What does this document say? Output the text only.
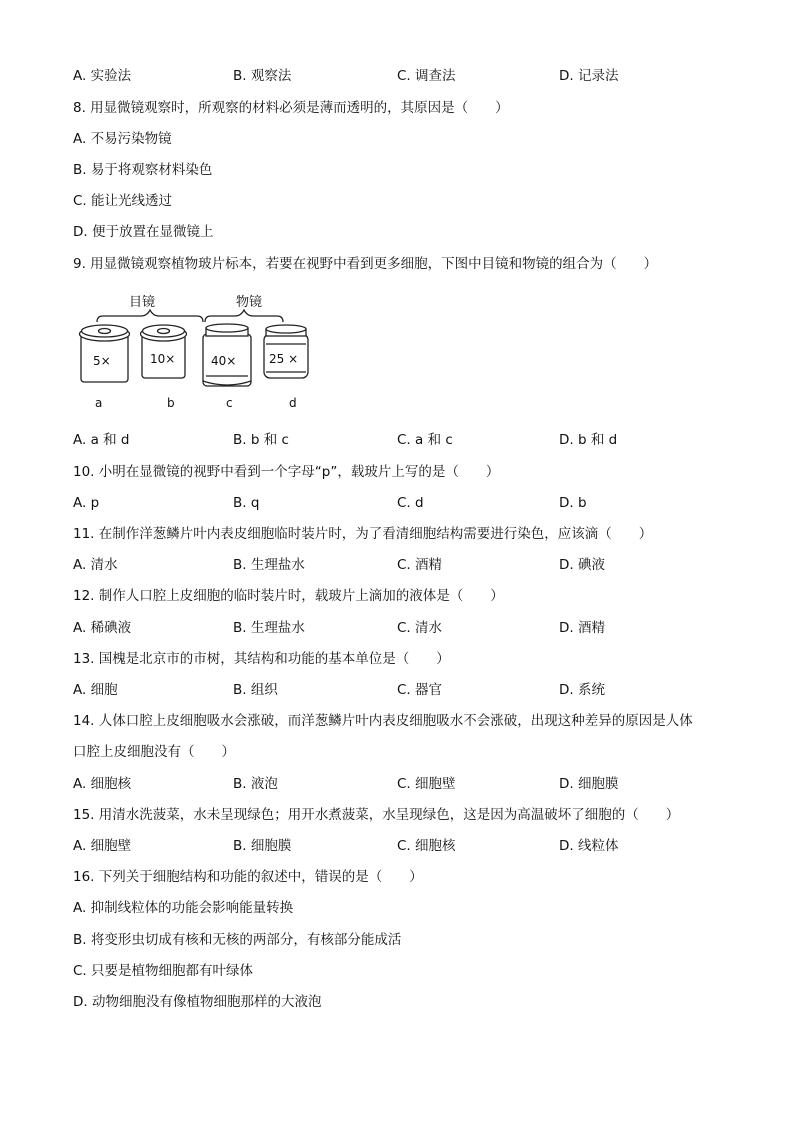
A. 实验法	B. 观察法	C. 调查法	D. 记录法
8. 用显微镜观察时，所观察的材料必须是薄而透明的，其原因是（　　）
A. 不易污染物镜
B. 易于将观察材料染色
C. 能让光线透过
D. 便于放置在显微镜上
9. 用显微镜观察植物玻片标本，若要在视野中看到更多细胞，下图中目镜和物镜的组合为（　　）
目镜	物镜
5×	10×	40×	25 ×
a	b	c	d
A. a 和 d	B. b 和 c	C. a 和 c	D. b 和 d
10. 小明在显微镜的视野中看到一个字母“p”，载玻片上写的是（　　）
A. p	B. q	C. d	D. b
11. 在制作洋葱鳞片叶内表皮细胞临时装片时，为了看清细胞结构需要进行染色，应该滴（　　）
A. 清水	B. 生理盐水	C. 酒精	D. 碘液
12. 制作人口腔上皮细胞的临时装片时，载玻片上滴加的液体是（　　）
A. 稀碘液	B. 生理盐水	C. 清水	D. 酒精
13. 国槐是北京市的市树，其结构和功能的基本单位是（　　）
A. 细胞	B. 组织	C. 器官	D. 系统
14. 人体口腔上皮细胞吸水会涨破，而洋葱鳞片叶内表皮细胞吸水不会涨破，出现这种差异的原因是人体
口腔上皮细胞没有（　　）
A. 细胞核	B. 液泡	C. 细胞壁	D. 细胞膜
15. 用清水洗菠菜，水未呈现绿色；用开水煮菠菜，水呈现绿色，这是因为高温破坏了细胞的（　　）
A. 细胞壁	B. 细胞膜	C. 细胞核	D. 线粒体
16. 下列关于细胞结构和功能的叙述中，错误的是（　　）
A. 抑制线粒体的功能会影响能量转换
B. 将变形虫切成有核和无核的两部分，有核部分能成活
C. 只要是植物细胞都有叶绿体
D. 动物细胞没有像植物细胞那样的大液泡
